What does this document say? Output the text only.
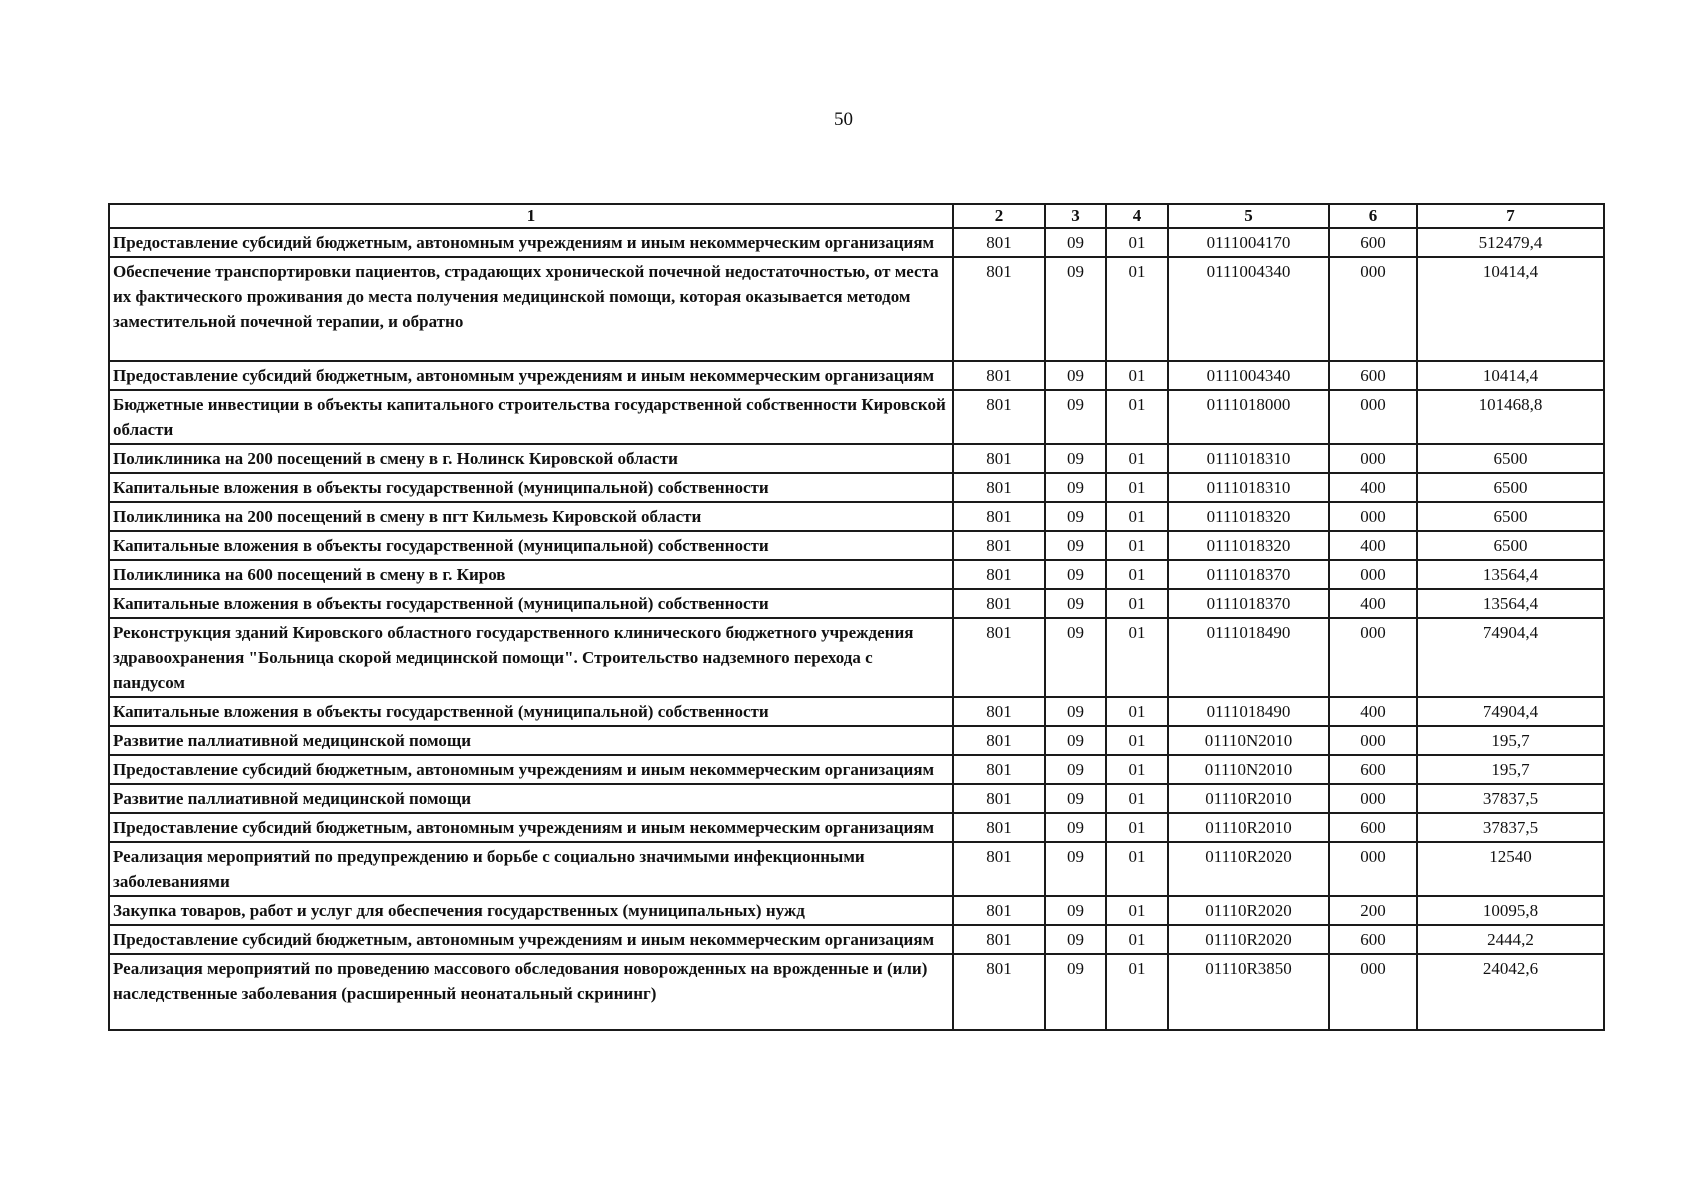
50
1	2	3	4	5	6	7
Предоставление субсидий бюджетным, автономным учреждениям и иным некоммерческим организациям	801	09	01	0111004170	600	512479,4
Обеспечение транспортировки пациентов, страдающих хронической почечной недостаточностью, от места их фактического проживания до места получения медицинской помощи, которая оказывается методом заместительной почечной терапии, и обратно	801	09	01	0111004340	000	10414,4
Предоставление субсидий бюджетным, автономным учреждениям и иным некоммерческим организациям	801	09	01	0111004340	600	10414,4
Бюджетные инвестиции в объекты капитального строительства государственной собственности Кировской области	801	09	01	0111018000	000	101468,8
Поликлиника на 200 посещений в смену в г. Нолинск Кировской области	801	09	01	0111018310	000	6500
Капитальные вложения в объекты государственной (муниципальной) собственности	801	09	01	0111018310	400	6500
Поликлиника на 200 посещений в смену в пгт Кильмезь Кировской области	801	09	01	0111018320	000	6500
Капитальные вложения в объекты государственной (муниципальной) собственности	801	09	01	0111018320	400	6500
Поликлиника на 600 посещений в смену в г. Киров	801	09	01	0111018370	000	13564,4
Капитальные вложения в объекты государственной (муниципальной) собственности	801	09	01	0111018370	400	13564,4
Реконструкция зданий Кировского областного государственного клинического бюджетного учреждения здравоохранения "Больница скорой медицинской помощи". Строительство надземного перехода с пандусом	801	09	01	0111018490	000	74904,4
Капитальные вложения в объекты государственной (муниципальной) собственности	801	09	01	0111018490	400	74904,4
Развитие паллиативной медицинской помощи	801	09	01	01110N2010	000	195,7
Предоставление субсидий бюджетным, автономным учреждениям и иным некоммерческим организациям	801	09	01	01110N2010	600	195,7
Развитие паллиативной медицинской помощи	801	09	01	01110R2010	000	37837,5
Предоставление субсидий бюджетным, автономным учреждениям и иным некоммерческим организациям	801	09	01	01110R2010	600	37837,5
Реализация мероприятий по предупреждению и борьбе с социально значимыми инфекционными заболеваниями	801	09	01	01110R2020	000	12540
Закупка товаров, работ и услуг для обеспечения государственных (муниципальных) нужд	801	09	01	01110R2020	200	10095,8
Предоставление субсидий бюджетным, автономным учреждениям и иным некоммерческим организациям	801	09	01	01110R2020	600	2444,2
Реализация мероприятий по проведению массового обследования новорожденных на врожденные и (или) наследственные заболевания (расширенный неонатальный скрининг)	801	09	01	01110R3850	000	24042,6
